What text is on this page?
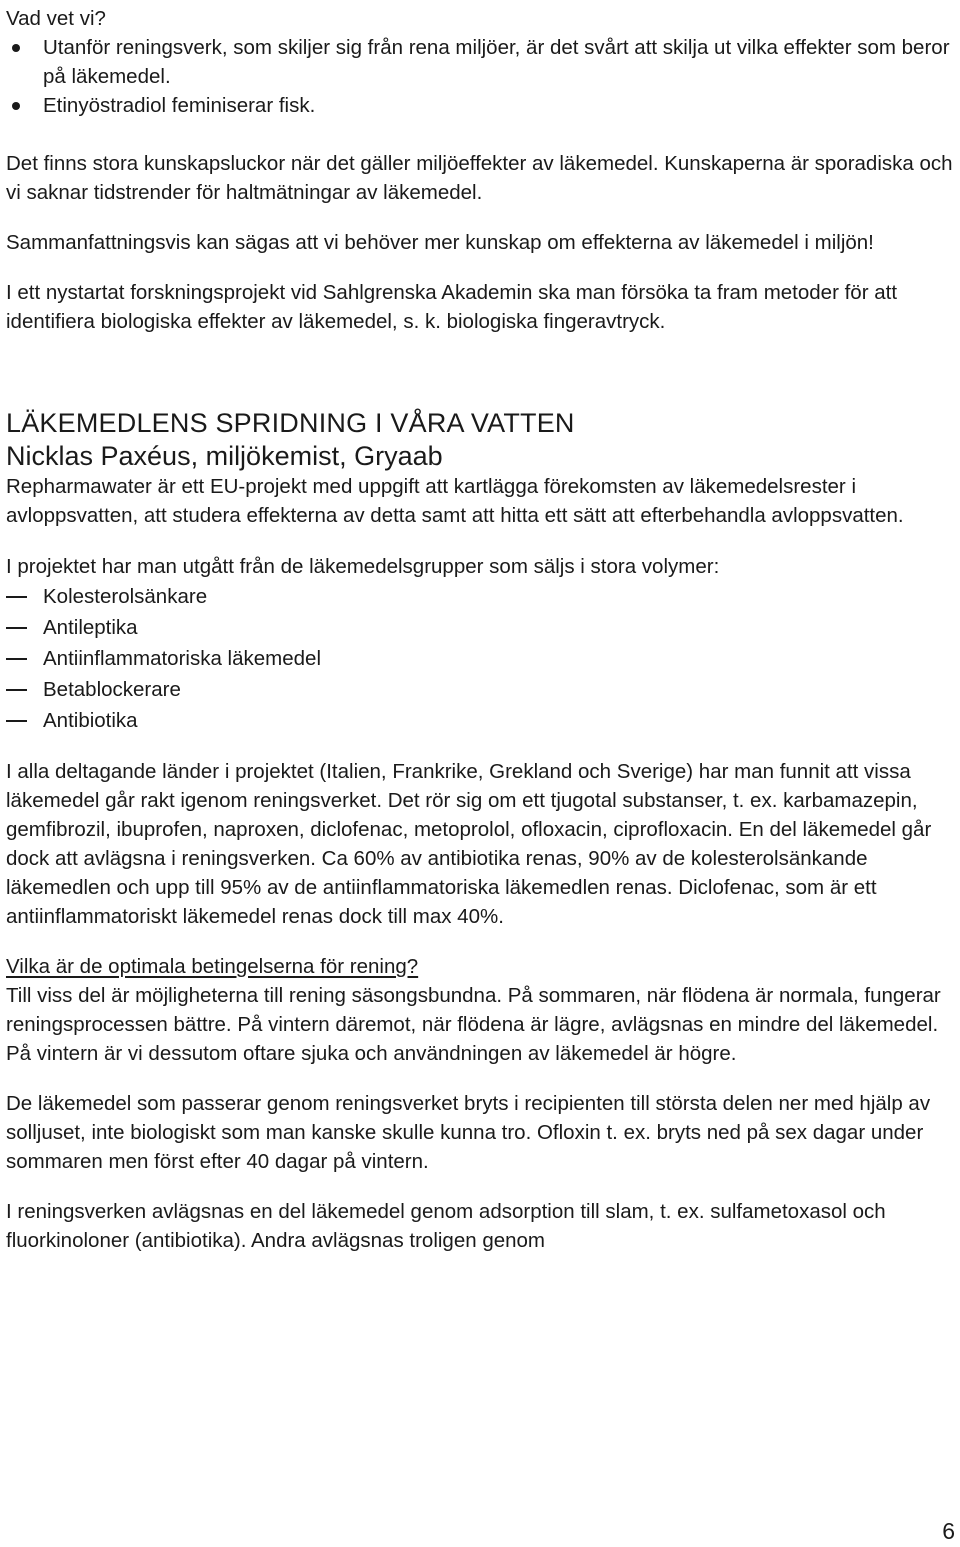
Vad vet vi?

Utanför reningsverk, som skiljer sig från rena miljöer, är det svårt att skilja ut vilka effekter som beror på läkemedel.
Etinyöstradiol feminiserar fisk.

Det finns stora kunskapsluckor när det gäller miljöeffekter av läkemedel. Kunskaperna är sporadiska och vi saknar tidstrender för haltmätningar av läkemedel.

Sammanfattningsvis kan sägas att vi behöver mer kunskap om effekterna av läkemedel i miljön!

I ett nystartat forskningsprojekt vid Sahlgrenska Akademin ska man försöka ta fram metoder för att identifiera biologiska effekter av läkemedel, s. k. biologiska fingeravtryck.

LÄKEMEDLENS SPRIDNING I VÅRA VATTEN

Nicklas Paxéus, miljökemist, Gryaab

Repharmawater är ett EU-projekt med uppgift att kartlägga förekomsten av läkemedelsrester i avloppsvatten, att studera effekterna av detta samt att hitta ett sätt att efterbehandla avloppsvatten.

I projektet har man utgått från de läkemedelsgrupper som säljs i stora volymer:

Kolesterolsänkare
Antileptika
Antiinflammatoriska läkemedel
Betablockerare
Antibiotika

I alla deltagande länder i projektet (Italien, Frankrike, Grekland och Sverige) har man funnit att vissa läkemedel går rakt igenom reningsverket. Det rör sig om ett tjugotal substanser, t. ex. karbamazepin, gemfibrozil, ibuprofen, naproxen, diclofenac, metoprolol, ofloxacin, ciprofloxacin. En del läkemedel går dock att avlägsna i reningsverken. Ca 60% av antibiotika renas, 90% av de kolesterolsänkande läkemedlen och upp till 95% av de antiinflammatoriska läkemedlen renas. Diclofenac, som är ett antiinflammatoriskt läkemedel renas dock till max 40%.

Vilka är de optimala betingelserna för rening?

Till viss del är möjligheterna till rening säsongsbundna. På sommaren, när flödena är normala, fungerar reningsprocessen bättre. På vintern däremot, när flödena är lägre, avlägsnas en mindre del läkemedel. På vintern är vi dessutom oftare sjuka och användningen av läkemedel är högre.

De läkemedel som passerar genom reningsverket bryts i recipienten till största delen ner med hjälp av solljuset, inte biologiskt som man kanske skulle kunna tro. Ofloxin t. ex. bryts ned på sex dagar under sommaren men först efter 40 dagar på vintern.

I reningsverken avlägsnas en del läkemedel genom adsorption till slam, t. ex. sulfametoxasol och fluorkinoloner (antibiotika). Andra avlägsnas troligen genom

6
